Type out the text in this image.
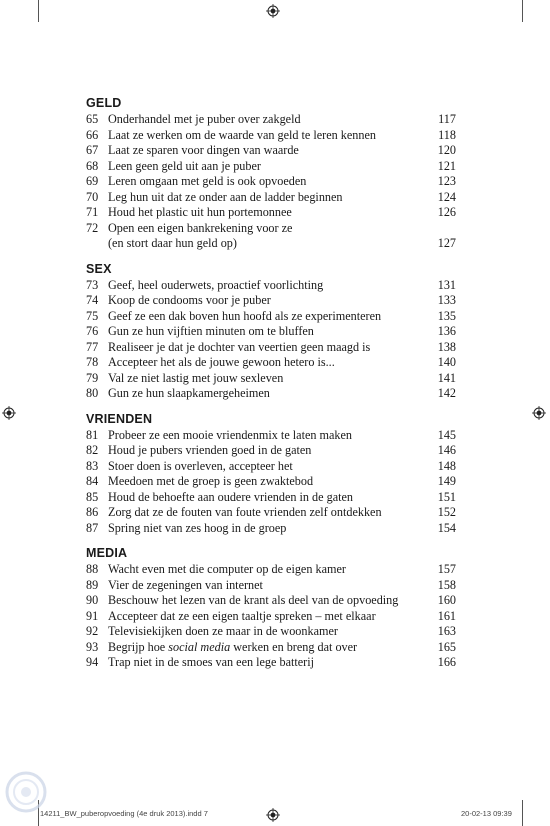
GELD
65 Onderhandel met je puber over zakgeld	117
66 Laat ze werken om de waarde van geld te leren kennen	118
67 Laat ze sparen voor dingen van waarde	120
68 Leen geen geld uit aan je puber	121
69 Leren omgaan met geld is ook opvoeden	123
70 Leg hun uit dat ze onder aan de ladder beginnen	124
71 Houd het plastic uit hun portemonnee	126
72 Open een eigen bankrekening voor ze
(en stort daar hun geld op)	127
SEX
73 Geef, heel ouderwets, proactief voorlichting	131
74 Koop de condooms voor je puber	133
75 Geef ze een dak boven hun hoofd als ze experimenteren	135
76 Gun ze hun vijftien minuten om te bluffen	136
77 Realiseer je dat je dochter van veertien geen maagd is	138
78 Accepteer het als de jouwe gewoon hetero is...	140
79 Val ze niet lastig met jouw sexleven	141
80 Gun ze hun slaapkamergeheimen	142
VRIENDEN
81 Probeer ze een mooie vriendenmix te laten maken	145
82 Houd je pubers vrienden goed in de gaten	146
83 Stoer doen is overleven, accepteer het	148
84 Meedoen met de groep is geen zwaktebod	149
85 Houd de behoefte aan oudere vrienden in de gaten	151
86 Zorg dat ze de fouten van foute vrienden zelf ontdekken	152
87 Spring niet van zes hoog in de groep	154
MEDIA
88 Wacht even met die computer op de eigen kamer	157
89 Vier de zegeningen van internet	158
90 Beschouw het lezen van de krant als deel van de opvoeding	160
91 Accepteer dat ze een eigen taaltje spreken – met elkaar	161
92 Televisiekijken doen ze maar in de woonkamer	163
93 Begrijp hoe social media werken en breng dat over	165
94 Trap niet in de smoes van een lege batterij	166
14211_BW_puberopvoeding (4e druk 2013).indd 7	20-02-13 09:39
